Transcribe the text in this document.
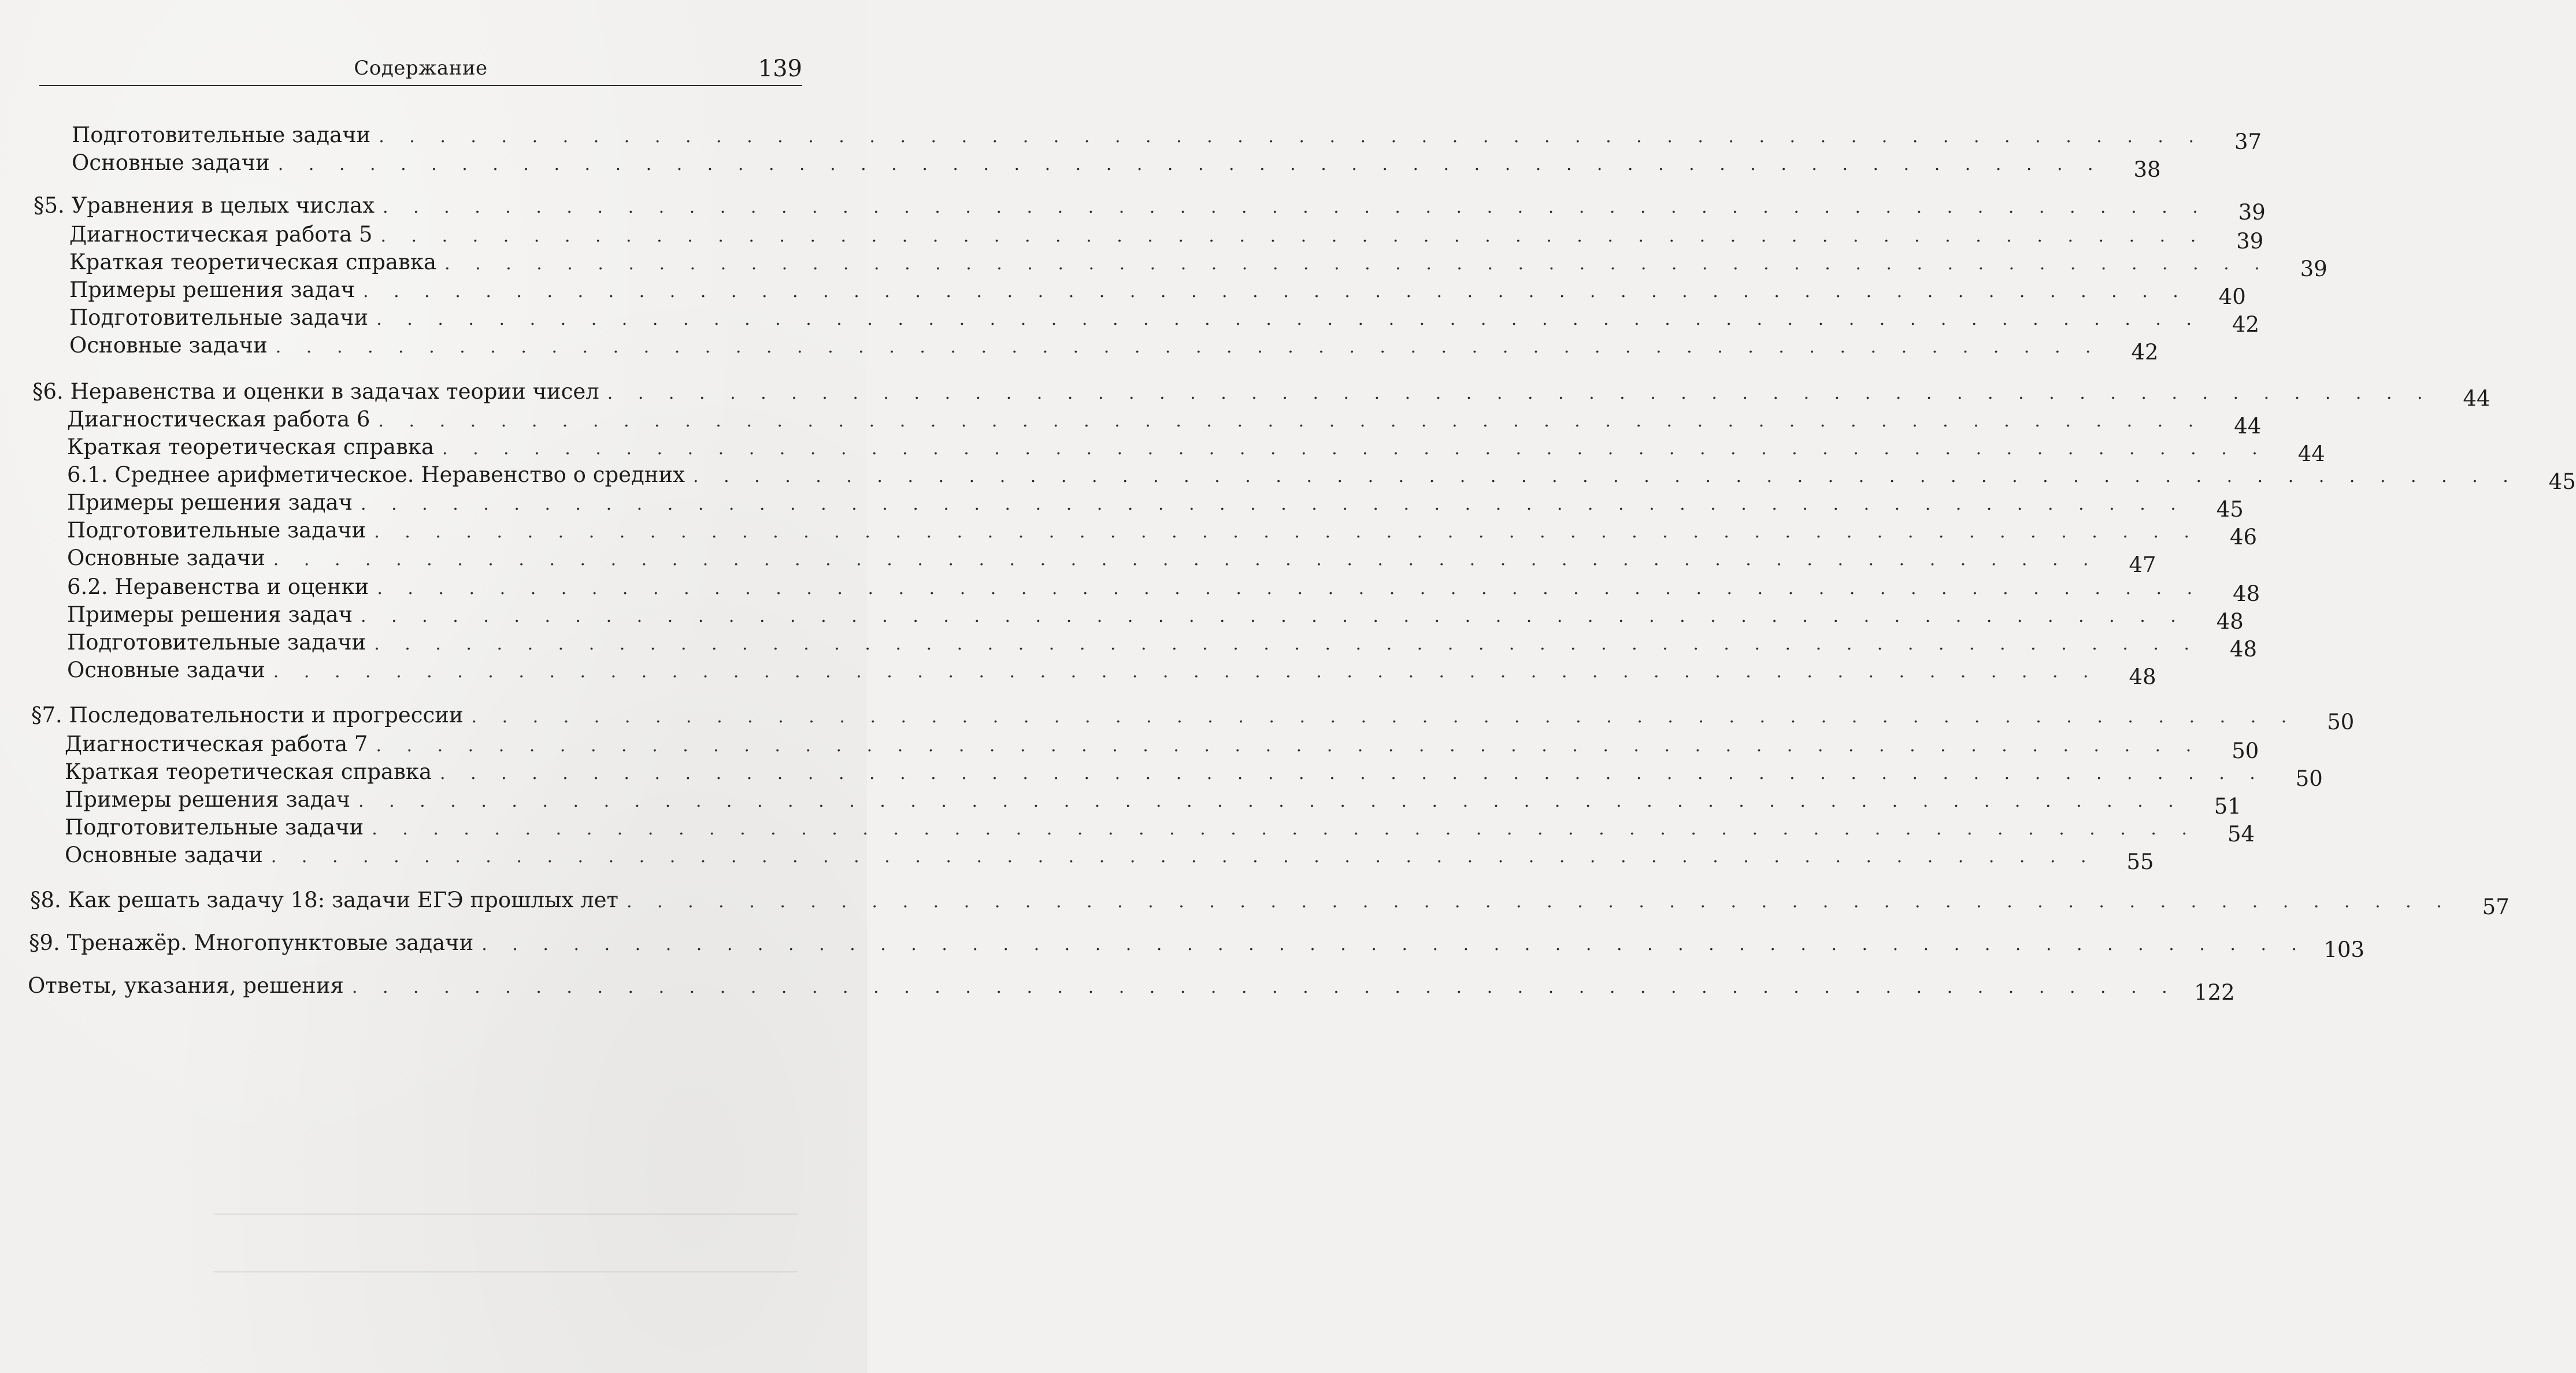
Содержание	139
Подготовительные задачи . . . . . . . . . . . . . . . . . . . . . . . . . . . . . . . . . . . . . . . . . . . . . . . . . . . . . . . . . . . .	37
Основные задачи . . . . . . . . . . . . . . . . . . . . . . . . . . . . . . . . . . . . . . . . . . . . . . . . . . . . . . . . . . . .	38
§5. Уравнения в целых числах . . . . . . . . . . . . . . . . . . . . . . . . . . . . . . . . . . . . . . . . . . . . . . . . . . . . . . . . . . . .	39
Диагностическая работа 5 . . . . . . . . . . . . . . . . . . . . . . . . . . . . . . . . . . . . . . . . . . . . . . . . . . . . . . . . . . . .	39
Краткая теоретическая справка . . . . . . . . . . . . . . . . . . . . . . . . . . . . . . . . . . . . . . . . . . . . . . . . . . . . . . . . . . . .	39
Примеры решения задач . . . . . . . . . . . . . . . . . . . . . . . . . . . . . . . . . . . . . . . . . . . . . . . . . . . . . . . . . . . .	40
Подготовительные задачи . . . . . . . . . . . . . . . . . . . . . . . . . . . . . . . . . . . . . . . . . . . . . . . . . . . . . . . . . . . .	42
Основные задачи . . . . . . . . . . . . . . . . . . . . . . . . . . . . . . . . . . . . . . . . . . . . . . . . . . . . . . . . . . . .	42
§6. Неравенства и оценки в задачах теории чисел . . . . . . . . . . . . . . . . . . . . . . . . . . . . . . . . . . . . . . . . . . . . . . . . . . . . . . . . . . . .	44
Диагностическая работа 6 . . . . . . . . . . . . . . . . . . . . . . . . . . . . . . . . . . . . . . . . . . . . . . . . . . . . . . . . . . . .	44
Краткая теоретическая справка . . . . . . . . . . . . . . . . . . . . . . . . . . . . . . . . . . . . . . . . . . . . . . . . . . . . . . . . . . . .	44
6.1. Среднее арифметическое. Неравенство о средних . . . . . . . . . . . . . . . . . . . . . . . . . . . . . . . . . . . . . . . . . . . . . . . . . . . . . . . . . . . .	45
Примеры решения задач . . . . . . . . . . . . . . . . . . . . . . . . . . . . . . . . . . . . . . . . . . . . . . . . . . . . . . . . . . . .	45
Подготовительные задачи . . . . . . . . . . . . . . . . . . . . . . . . . . . . . . . . . . . . . . . . . . . . . . . . . . . . . . . . . . . .	46
Основные задачи . . . . . . . . . . . . . . . . . . . . . . . . . . . . . . . . . . . . . . . . . . . . . . . . . . . . . . . . . . . .	47
6.2. Неравенства и оценки . . . . . . . . . . . . . . . . . . . . . . . . . . . . . . . . . . . . . . . . . . . . . . . . . . . . . . . . . . . .	48
Примеры решения задач . . . . . . . . . . . . . . . . . . . . . . . . . . . . . . . . . . . . . . . . . . . . . . . . . . . . . . . . . . . .	48
Подготовительные задачи . . . . . . . . . . . . . . . . . . . . . . . . . . . . . . . . . . . . . . . . . . . . . . . . . . . . . . . . . . . .	48
Основные задачи . . . . . . . . . . . . . . . . . . . . . . . . . . . . . . . . . . . . . . . . . . . . . . . . . . . . . . . . . . . .	48
§7. Последовательности и прогрессии . . . . . . . . . . . . . . . . . . . . . . . . . . . . . . . . . . . . . . . . . . . . . . . . . . . . . . . . . . . .	50
Диагностическая работа 7 . . . . . . . . . . . . . . . . . . . . . . . . . . . . . . . . . . . . . . . . . . . . . . . . . . . . . . . . . . . .	50
Краткая теоретическая справка . . . . . . . . . . . . . . . . . . . . . . . . . . . . . . . . . . . . . . . . . . . . . . . . . . . . . . . . . . . .	50
Примеры решения задач . . . . . . . . . . . . . . . . . . . . . . . . . . . . . . . . . . . . . . . . . . . . . . . . . . . . . . . . . . . .	51
Подготовительные задачи . . . . . . . . . . . . . . . . . . . . . . . . . . . . . . . . . . . . . . . . . . . . . . . . . . . . . . . . . . . .	54
Основные задачи . . . . . . . . . . . . . . . . . . . . . . . . . . . . . . . . . . . . . . . . . . . . . . . . . . . . . . . . . . . .	55
§8. Как решать задачу 18: задачи ЕГЭ прошлых лет . . . . . . . . . . . . . . . . . . . . . . . . . . . . . . . . . . . . . . . . . . . . . . . . . . . . . . . . . . . .	57
§9. Тренажёр. Многопунктовые задачи . . . . . . . . . . . . . . . . . . . . . . . . . . . . . . . . . . . . . . . . . . . . . . . . . . . . . . . . . . . . 103
Ответы, указания, решения . . . . . . . . . . . . . . . . . . . . . . . . . . . . . . . . . . . . . . . . . . . . . . . . . . . . . . . . . . . . 122
